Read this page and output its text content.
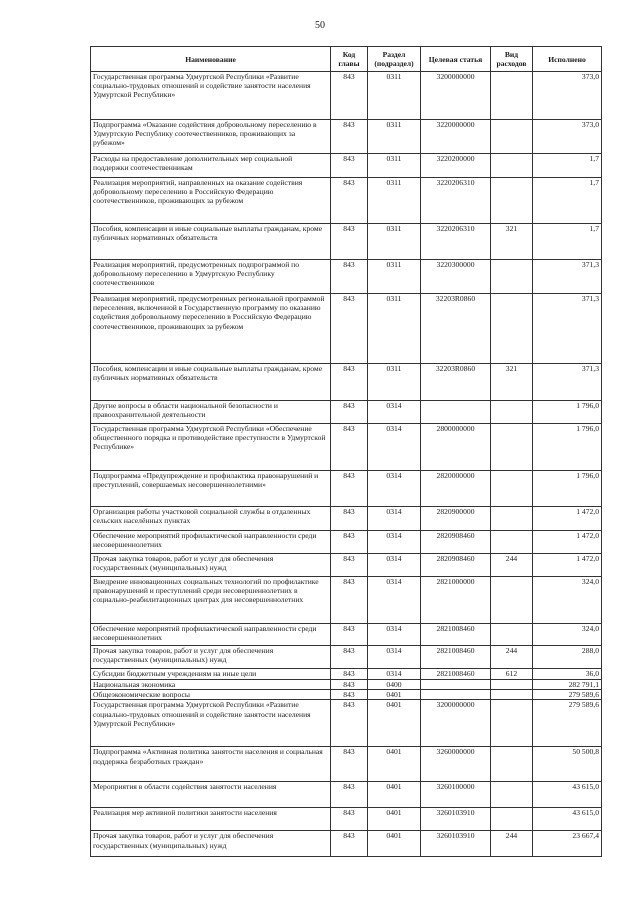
50
Наименование	Код главы	Раздел (подраздел)	Целевая статья	Вид расходов	Исполнено
Государственная программа Удмуртской Республики «Развитие социально-трудовых отношений и содействие занятости населения Удмуртской Республики»	843	0311	3200000000		373,0
Подпрограмма «Оказание содействия добровольному переселению в Удмуртскую Республику соотечественников, проживающих за рубежом»	843	0311	3220000000		373,0
Расходы на предоставление дополнительных мер социальной поддержки соотечественникам	843	0311	3220200000		1,7
Реализация мероприятий, направленных на оказание содействия добровольному переселению в Российскую Федерацию соотечественников, проживающих за рубежом	843	0311	3220206310		1,7
Пособия, компенсации и иные социальные выплаты гражданам, кроме публичных нормативных обязательств	843	0311	3220206310	321	1,7
Реализация мероприятий, предусмотренных подпрограммой по добровольному переселению в Удмуртскую Республику соотечественников	843	0311	3220300000		371,3
Реализация мероприятий, предусмотренных региональной программой переселения, включенной в Государственную программу по оказанию содействия добровольному переселению в Российскую Федерацию соотечественников, проживающих за рубежом	843	0311	32203R0860		371,3
Пособия, компенсации и иные социальные выплаты гражданам, кроме публичных нормативных обязательств	843	0311	32203R0860	321	371,3
Другие вопросы в области национальной безопасности и правоохранительной деятельности	843	0314			1 796,0
Государственная программа Удмуртской Республики «Обеспечение общественного порядка и противодействие преступности в Удмуртской Республике»	843	0314	2800000000		1 796,0
Подпрограмма «Предупреждение и профилактика правонарушений и преступлений, совершаемых несовершеннолетними»	843	0314	2820000000		1 796,0
Организация работы участковой социальной службы в отдаленных сельских населённых пунктах	843	0314	2820900000		1 472,0
Обеспечение мероприятий профилактической направленности среди несовершеннолетних	843	0314	2820908460		1 472,0
Прочая закупка товаров, работ и услуг для обеспечения государственных (муниципальных) нужд	843	0314	2820908460	244	1 472,0
Внедрение инновационных социальных технологий по профилактике правонарушений и преступлений среди несовершеннолетних в социально-реабилитационных центрах для несовершеннолетних	843	0314	2821000000		324,0
Обеспечение мероприятий профилактической направленности среди несовершеннолетних	843	0314	2821008460		324,0
Прочая закупка товаров, работ и услуг для обеспечения государственных (муниципальных) нужд	843	0314	2821008460	244	288,0
Субсидии бюджетным учреждениям на иные цели	843	0314	2821008460	612	36,0
Национальная экономика	843	0400			282 791,1
Общеэкономические вопросы	843	0401			279 589,6
Государственная программа Удмуртской Республики «Развитие социально-трудовых отношений и содействие занятости населения Удмуртской Республики»	843	0401	3200000000		279 589,6
Подпрограмма «Активная политика занятости населения и социальная поддержка безработных граждан»	843	0401	3260000000		50 500,8
Мероприятия в области содействия занятости населения	843	0401	3260100000		43 615,0
Реализация мер активной политики занятости населения	843	0401	3260103910		43 615,0
Прочая закупка товаров, работ и услуг для обеспечения государственных (муниципальных) нужд	843	0401	3260103910	244	23 667,4
